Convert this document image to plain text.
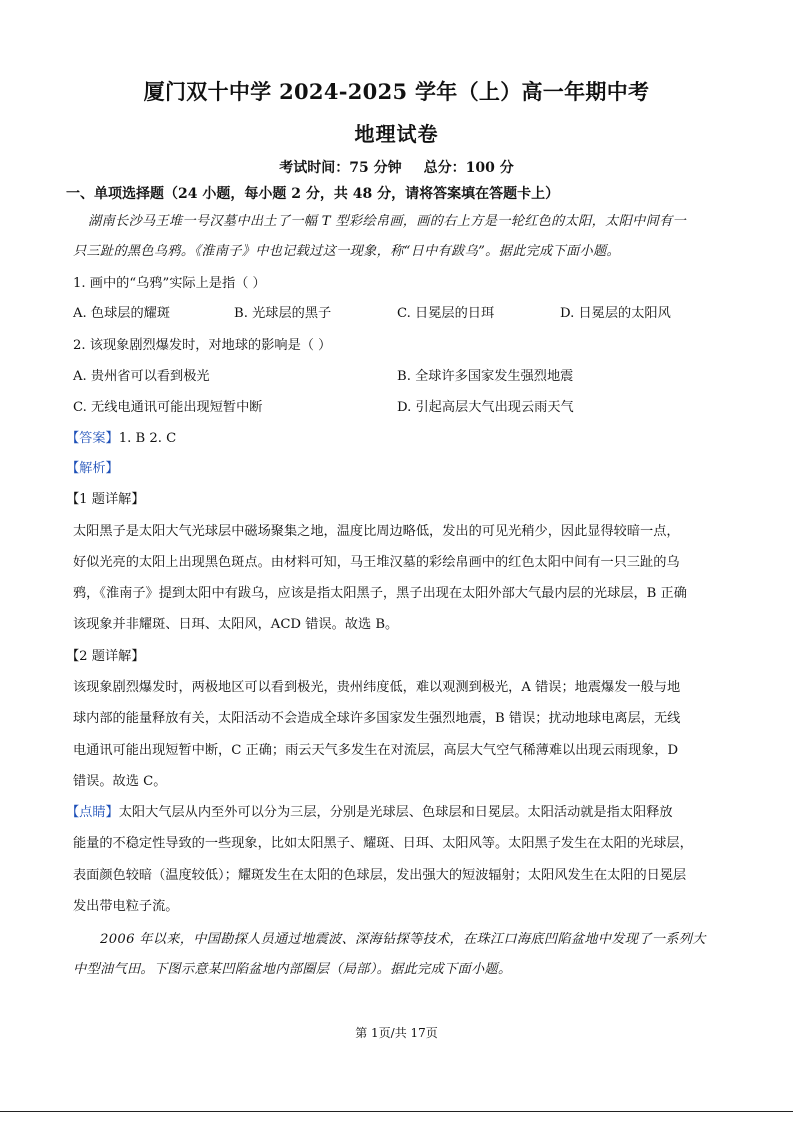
厦门双十中学 2024-2025 学年（上）高一年期中考
地理试卷
考试时间：75 分钟 总分：100 分
一、单项选择题（24 小题，每小题 2 分，共 48 分，请将答案填在答题卡上）
湖南长沙马王堆一号汉墓中出土了一幅 T 型彩绘帛画，画的右上方是一轮红色的太阳，太阳中间有一
只三趾的黑色乌鸦。《淮南子》中也记载过这一现象，称“日中有跋乌”。据此完成下面小题。
1. 画中的“乌鸦”实际上是指（ ）
A. 色球层的耀斑	B. 光球层的黑子	C. 日冕层的日珥	D. 日冕层的太阳风
2. 该现象剧烈爆发时，对地球的影响是（ ）
A. 贵州省可以看到极光	B. 全球许多国家发生强烈地震
C. 无线电通讯可能出现短暂中断	D. 引起高层大气出现云雨天气
【答案】1. B 2. C
【解析】
【1 题详解】
太阳黑子是太阳大气光球层中磁场聚集之地，温度比周边略低，发出的可见光稍少，因此显得较暗一点，
好似光亮的太阳上出现黑色斑点。由材料可知，马王堆汉墓的彩绘帛画中的红色太阳中间有一只三趾的乌
鸦，《淮南子》提到太阳中有跋乌，应该是指太阳黑子，黑子出现在太阳外部大气最内层的光球层，B 正确
该现象并非耀斑、日珥、太阳风，ACD 错误。故选 B。
【2 题详解】
该现象剧烈爆发时，两极地区可以看到极光，贵州纬度低，难以观测到极光，A 错误；地震爆发一般与地
球内部的能量释放有关，太阳活动不会造成全球许多国家发生强烈地震，B 错误；扰动地球电离层，无线
电通讯可能出现短暂中断，C 正确；雨云天气多发生在对流层，高层大气空气稀薄难以出现云雨现象，D
错误。故选 C。
【点睛】太阳大气层从内至外可以分为三层，分别是光球层、色球层和日冕层。太阳活动就是指太阳释放
能量的不稳定性导致的一些现象，比如太阳黑子、耀斑、日珥、太阳风等。太阳黑子发生在太阳的光球层，
表面颜色较暗（温度较低）；耀斑发生在太阳的色球层，发出强大的短波辐射；太阳风发生在太阳的日冕层
发出带电粒子流。
2006 年以来，中国勘探人员通过地震波、深海钻探等技术，在珠江口海底凹陷盆地中发现了一系列大
中型油气田。下图示意某凹陷盆地内部圈层（局部）。据此完成下面小题。
第 1页/共 17页
